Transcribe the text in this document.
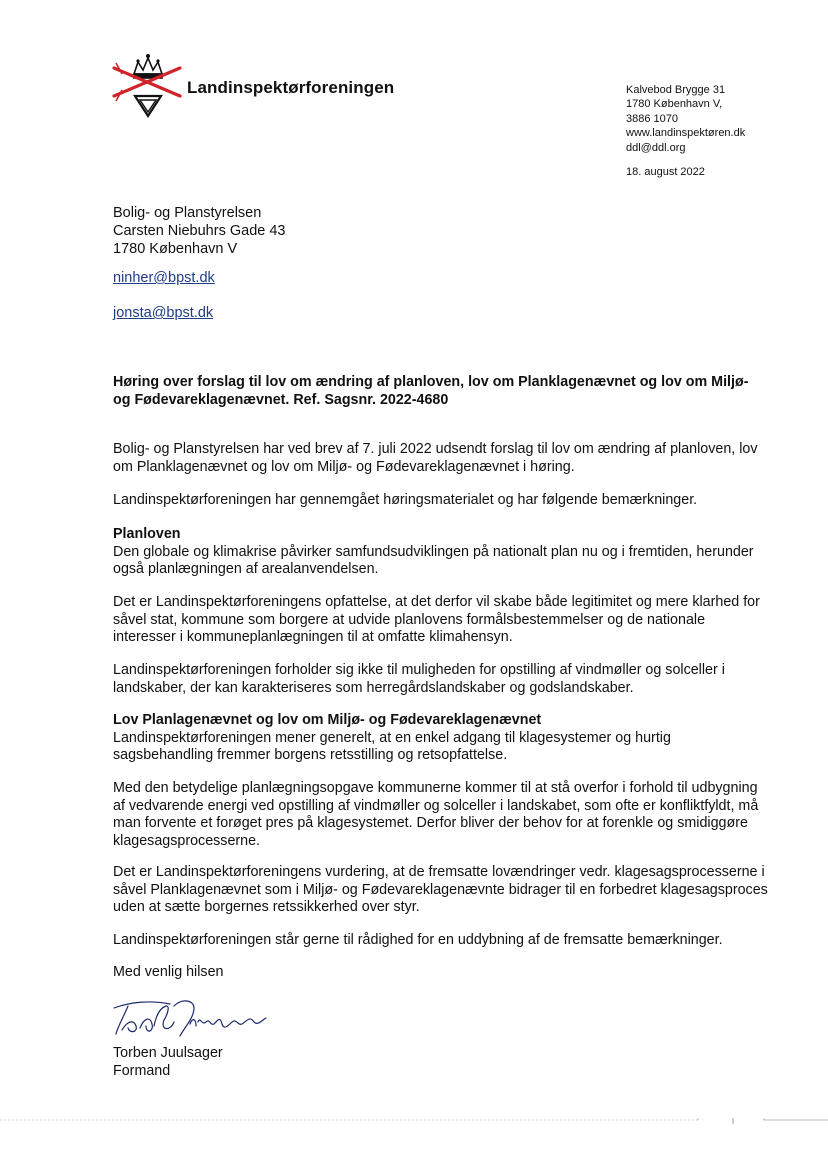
Landinspektørforeningen	Kalvebod Brygge 31
1780 København V,
3886 1070
www.landinspektøren.dk
ddl@ddl.org
18. august 2022
Bolig- og Planstyrelsen
Carsten Niebuhrs Gade 43
1780 København V
ninher@bpst.dk
jonsta@bpst.dk
Høring over forslag til lov om ændring af planloven, lov om Planklagenævnet og lov om Miljø- og Fødevareklagenævnet. Ref. Sagsnr. 2022-4680
Bolig- og Planstyrelsen har ved brev af 7. juli 2022 udsendt forslag til lov om ændring af planloven, lov om Planklagenævnet og lov om Miljø- og Fødevareklagenævnet i høring.
Landinspektørforeningen har gennemgået høringsmaterialet og har følgende bemærkninger.

Planloven

Den globale og klimakrise påvirker samfundsudviklingen på nationalt plan nu og i fremtiden, herunder også planlægningen af arealanvendelsen.

Det er Landinspektørforeningens opfattelse, at det derfor vil skabe både legitimitet og mere klarhed for såvel stat, kommune som borgere at udvide planlovens formålsbestemmelser og de nationale interesser i kommuneplanlægningen til at omfatte klimahensyn.
Landinspektørforeningen forholder sig ikke til muligheden for opstilling af vindmøller og solceller i landskaber, der kan karakteriseres som herregårdslandskaber og godslandskaber.

Lov Planlagenævnet og lov om Miljø- og Fødevareklagenævnet

Landinspektørforeningen mener generelt, at en enkel adgang til klagesystemer og hurtig sagsbehandling fremmer borgens retsstilling og retsopfattelse.

Med den betydelige planlægningsopgave kommunerne kommer til at stå overfor i forhold til udbygning af vedvarende energi ved opstilling af vindmøller og solceller i landskabet, som ofte er konfliktfyldt, må man forvente et forøget pres på klagesystemet. Derfor bliver der behov for at forenkle og smidiggøre klagesagsprocesserne.
Det er Landinspektørforeningens vurdering, at de fremsatte lovændringer vedr. klagesagsprocesserne i såvel Planklagenævnet som i Miljø- og Fødevareklagenævnte bidrager til en forbedret klagesagsproces uden at sætte borgernes retssikkerhed over styr.
Landinspektørforeningen står gerne til rådighed for en uddybning af de fremsatte bemærkninger.
Med venlig hilsen
Torben Juulsager
Formand
